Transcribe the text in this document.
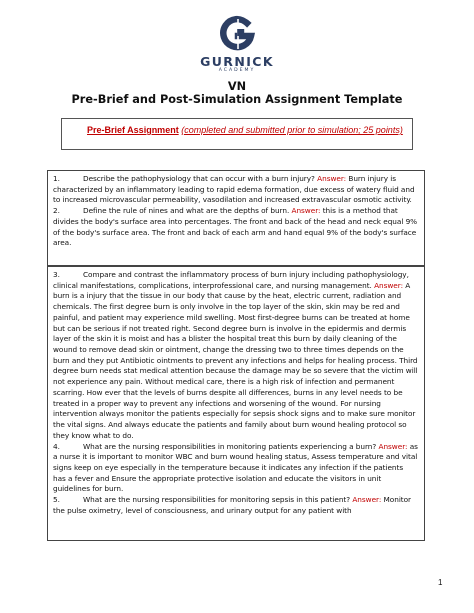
GURNICK
ACADEMY
VN
Pre-Brief and Post-Simulation Assignment Template
Pre-Brief Assignment (completed and submitted prior to simulation; 25 points)
1.	Describe the pathophysiology that can occur with a burn injury? Answer: Burn injury is characterized by an inflammatory leading to rapid edema formation, due excess of watery fluid and to increased microvascular permeability, vasodilation and increased extravascular osmotic activity.
2.	Define the rule of nines and what are the depths of burn. Answer: this is a method that divides the body's surface area into percentages. The front and back of the head and neck equal 9% of the body's surface area. The front and back of each arm and hand equal 9% of the body's surface area.
3.	Compare and contrast the inflammatory process of burn injury including pathophysiology, clinical manifestations, complications, interprofessional care, and nursing management. Answer: A burn is a injury that the tissue in our body that cause by the heat, electric current, radiation and chemicals. The first degree burn is only involve in the top layer of the skin, skin may be red and painful, and patient may experience mild swelling. Most first-degree burns can be treated at home but can be serious if not treated right. Second degree burn is involve in the epidermis and dermis layer of the skin it is moist and has a blister the hospital treat this burn by daily cleaning of the wound to remove dead skin or ointment, change the dressing two to three times depends on the burn and they put Antibiotic ointments to prevent any infections and helps for healing process. Third degree burn needs stat medical attention because the damage may be so severe that the victim will not experience any pain. Without medical care, there is a high risk of infection and permanent scarring. How ever that the levels of burns despite all differences, burns in any level needs to be treated in a proper way to prevent any infections and worsening of the wound. For nursing intervention always monitor the patients especially for sepsis shock signs and to make sure monitor the vital signs. And always educate the patients and family about burn wound healing protocol so they know what to do.
4.	What are the nursing responsibilities in monitoring patients experiencing a burn? Answer: as a nurse it is important to monitor WBC and burn wound healing status, Assess temperature and vital signs keep on eye especially in the temperature because it indicates any infection if the patients has a fever and Ensure the appropriate protective isolation and educate the visitors in unit guidelines for burn.
5.	What are the nursing responsibilities for monitoring sepsis in this patient? Answer: Monitor the pulse oximetry, level of consciousness, and urinary output for any patient with
1
